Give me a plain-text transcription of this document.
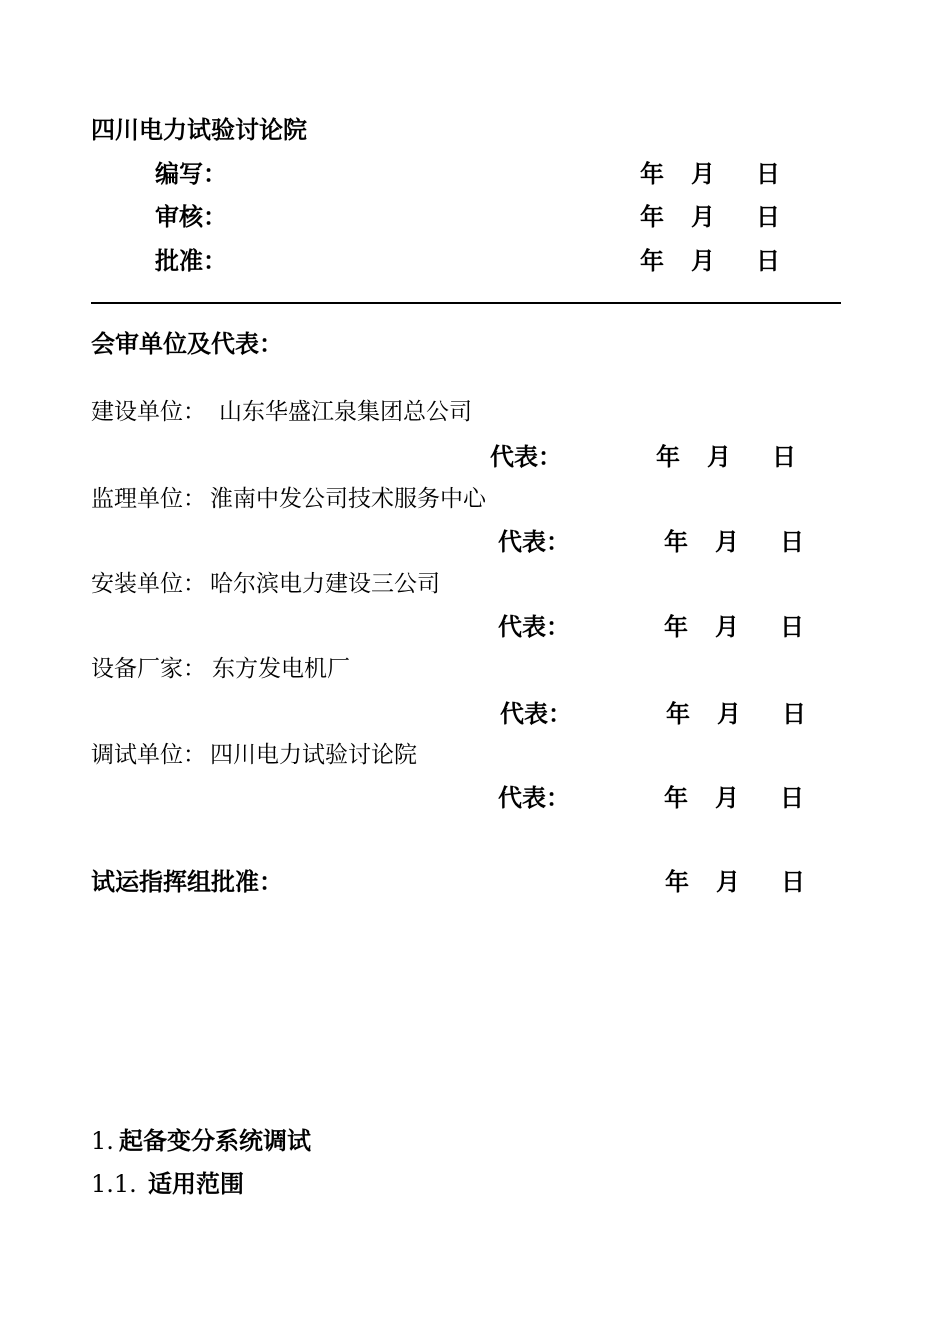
四川电力试验讨论院
编写：	年 月 日
审核：	年 月 日
批准：	年 月 日
会审单位及代表：
建设单位： 山东华盛江泉集团总公司
代表：	年 月 日
监理单位： 淮南中发公司技术服务中心
代表：	年 月 日
安装单位： 哈尔滨电力建设三公司
代表：	年 月 日
设备厂家： 东方发电机厂
代表：	年 月 日
调试单位： 四川电力试验讨论院
代表：	年 月 日
试运指挥组批准：	年 月 日
1. 起备变分系统调试
1.1. 适用范围
